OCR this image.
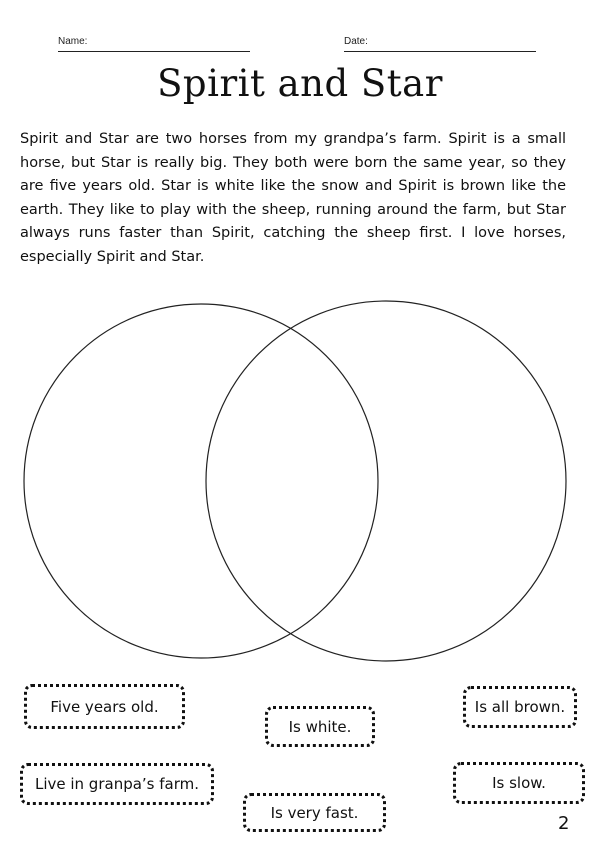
Name:	Date:
Spirit and Star

Spirit and Star are two horses from my grandpa’s farm. Spirit is a small horse, but Star is really big. They both were born the same year, so they are five years old. Star is white like the snow and Spirit is brown like the earth. They like to play with the sheep, running around the farm, but Star always runs faster than Spirit, catching the sheep first. I love horses, especially Spirit and Star.

Five years old.
Is white.
Is all brown.
Live in granpa’s farm.
Is very fast.
Is slow.
2
